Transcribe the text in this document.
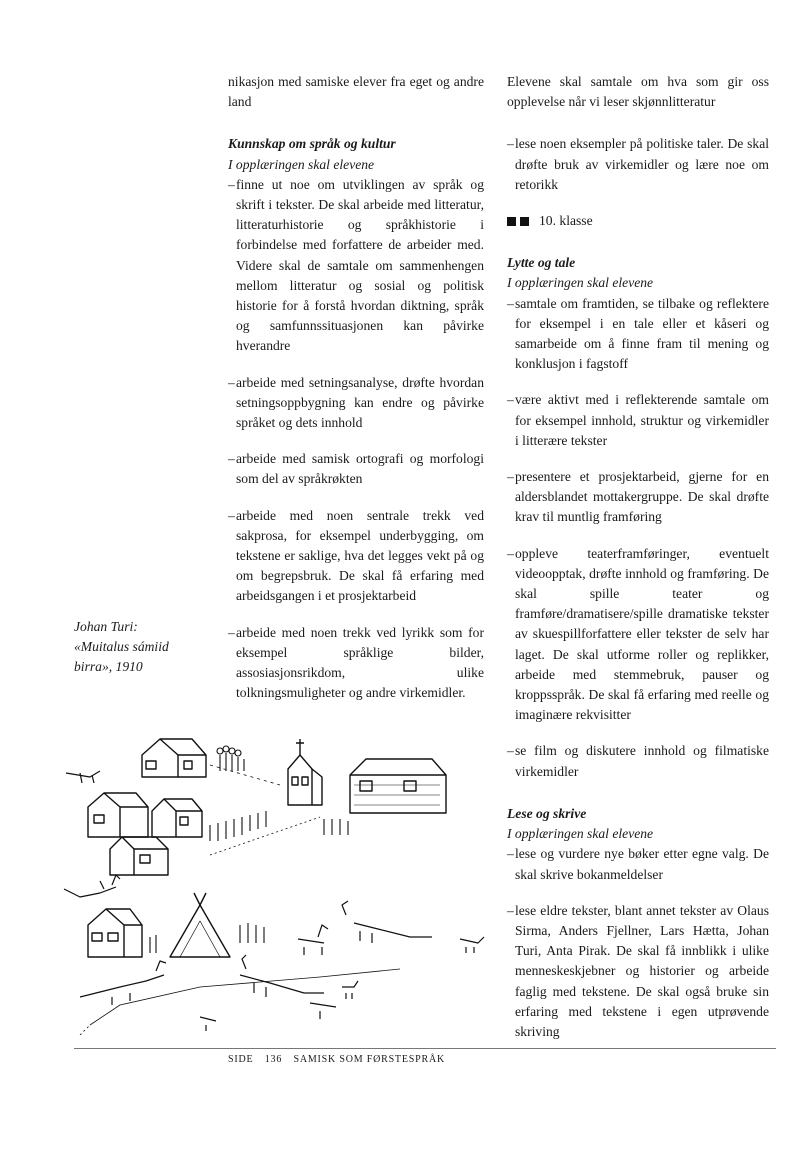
nikasjon med samiske elever fra eget og andre land

Kunnskap om språk og kultur

I opplæringen skal elevene

–finne ut noe om utviklingen av språk og skrift i tekster. De skal arbeide med litteratur, litteraturhistorie og språkhistorie i forbindelse med forfattere de arbeider med. Videre skal de samtale om sammenhengen mellom litteratur og sosial og politisk historie for å forstå hvordan diktning, språk og samfunnssituasjonen kan påvirke hverandre

–arbeide med setningsanalyse, drøfte hvordan setningsoppbygning kan endre og påvirke språket og dets innhold

–arbeide med samisk ortografi og morfologi som del av språkrøkten

–arbeide med noen sentrale trekk ved sakprosa, for eksempel underbygging, om tekstene er saklige, hva det legges vekt på og om begrepsbruk. De skal få erfaring med arbeidsgangen i et prosjektarbeid

–arbeide med noen trekk ved lyrikk som for eksempel språklige bilder, assosiasjonsrikdom, ulike tolkningsmuligheter og andre virkemidler.

Elevene skal samtale om hva som gir oss opplevelse når vi leser skjønnlitteratur

–lese noen eksempler på politiske taler. De skal drøfte bruk av virkemidler og lære noe om retorikk

10. klasse

Lytte og tale

I opplæringen skal elevene

–samtale om framtiden, se tilbake og reflektere for eksempel i en tale eller et kåseri og samarbeide om å finne fram til mening og konklusjon i fagstoff

–være aktivt med i reflekterende samtale om for eksempel innhold, struktur og virkemidler i litterære tekster

–presentere et prosjektarbeid, gjerne for en aldersblandet mottakergruppe. De skal drøfte krav til muntlig framføring

–oppleve teaterframføringer, eventuelt videoopptak, drøfte innhold og framføring. De skal spille teater og framføre/dramatisere/spille dramatiske tekster av skuespillforfattere eller tekster de selv har laget. De skal utforme roller og replikker, arbeide med stemmebruk, pauser og kroppsspråk. De skal få erfaring med reelle og imaginære rekvisitter

–se film og diskutere innhold og filmatiske virkemidler

Lese og skrive

I opplæringen skal elevene

–lese og vurdere nye bøker etter egne valg. De skal skrive bokanmeldelser

–lese eldre tekster, blant annet tekster av Olaus Sirma, Anders Fjellner, Lars Hætta, Johan Turi, Anta Pirak. De skal få innblikk i ulike menneskeskjebner og historier og arbeide faglig med tekstene. De skal også bruke sin erfaring med tekstene i egen utprøvende skriving

Johan Turi:
«Muitalus sámiid
birra», 1910
SIDE 136 SAMISK SOM FØRSTESPRÅK
